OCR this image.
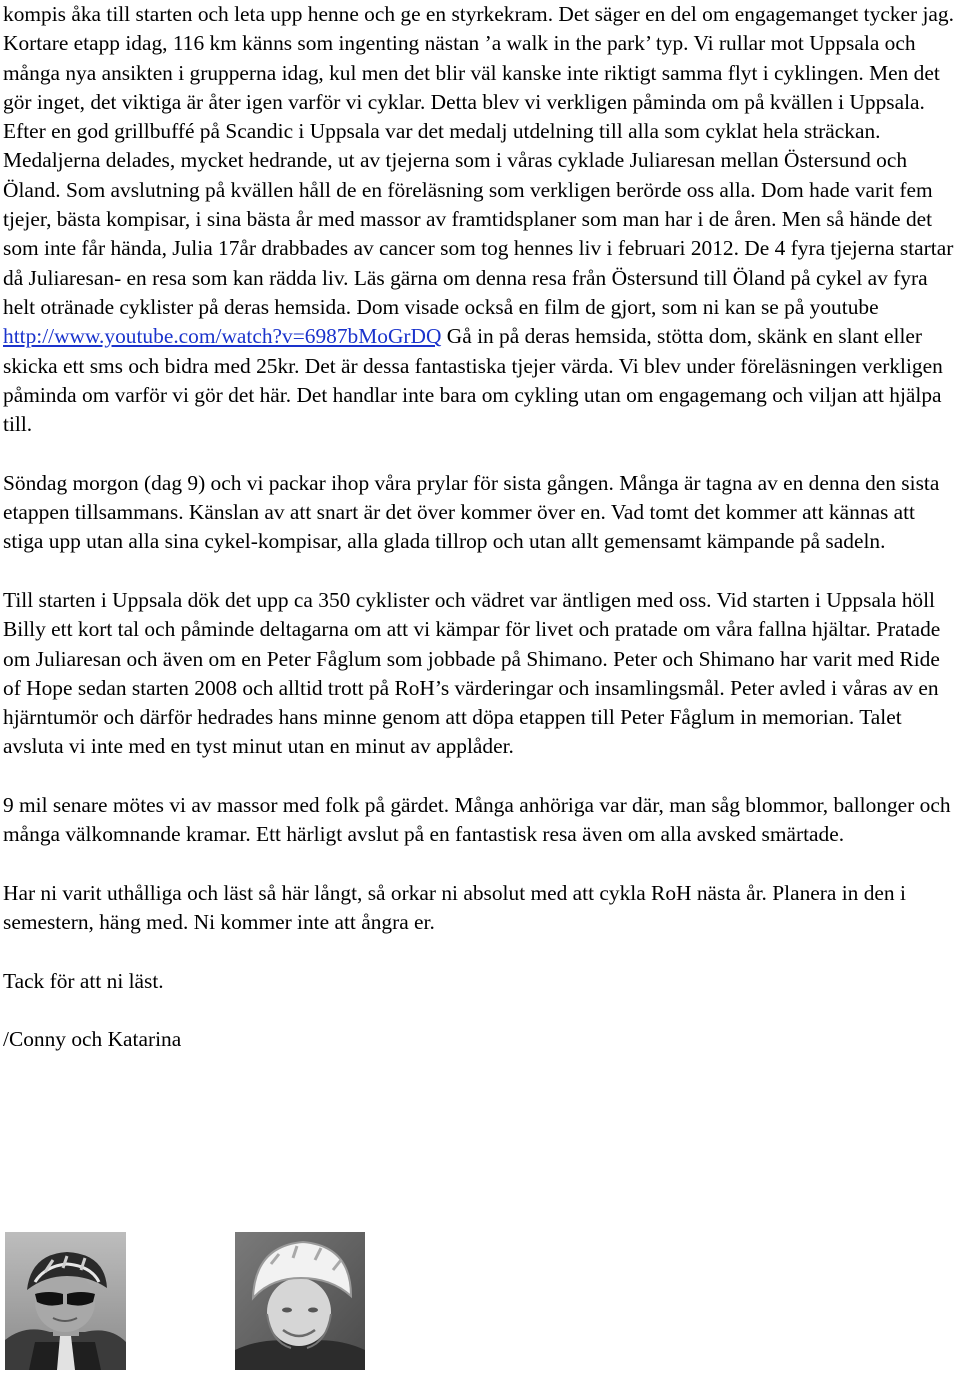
kompis åka till starten och leta upp henne och ge en styrkekram. Det säger en del om engagemanget tycker jag. Kortare etapp idag, 116 km känns som ingenting nästan ’a walk in the park’ typ. Vi rullar mot Uppsala och många nya ansikten i grupperna idag, kul men det blir väl kanske inte riktigt samma flyt i cyklingen. Men det gör inget, det viktiga är åter igen varför vi cyklar. Detta blev vi verkligen påminda om på kvällen i Uppsala. Efter en god grillbuffé på Scandic i Uppsala var det medalj utdelning till alla som cyklat hela sträckan. Medaljerna delades, mycket hedrande, ut av tjejerna som i våras cyklade Juliaresan mellan Östersund och Öland. Som avslutning på kvällen håll de en föreläsning som verkligen berörde oss alla. Dom hade varit fem tjejer, bästa kompisar, i sina bästa år med massor av framtidsplaner som man har i de åren. Men så hände det som inte får hända, Julia 17år drabbades av cancer som tog hennes liv i februari 2012. De 4 fyra tjejerna startar då Juliaresan- en resa som kan rädda liv. Läs gärna om denna resa från Östersund till Öland på cykel av fyra helt otränade cyklister på deras hemsida. Dom visade också en film de gjort, som ni kan se på youtube http://www.youtube.com/watch?v=6987bMoGrDQ Gå in på deras hemsida, stötta dom, skänk en slant eller skicka ett sms och bidra med 25kr. Det är dessa fantastiska tjejer värda. Vi blev under föreläsningen verkligen påminda om varför vi gör det här. Det handlar inte bara om cykling utan om engagemang och viljan att hjälpa till.

Söndag morgon (dag 9) och vi packar ihop våra prylar för sista gången. Många är tagna av en denna den sista etappen tillsammans. Känslan av att snart är det över kommer över en. Vad tomt det kommer att kännas att stiga upp utan alla sina cykel-kompisar, alla glada tillrop och utan allt gemensamt kämpande på sadeln.

Till starten i Uppsala dök det upp ca 350 cyklister och vädret var äntligen med oss. Vid starten i Uppsala höll Billy ett kort tal och påminde deltagarna om att vi kämpar för livet och pratade om våra fallna hjältar. Pratade om Juliaresan och även om en Peter Fåglum som jobbade på Shimano. Peter och Shimano har varit med Ride of Hope sedan starten 2008 och alltid trott på RoH’s värderingar och insamlingsmål. Peter avled i våras av en hjärntumör och därför hedrades hans minne genom att döpa etappen till Peter Fåglum in memorian. Talet avsluta vi inte med en tyst minut utan en minut av applåder.

9 mil senare mötes vi av massor med folk på gärdet. Många anhöriga var där, man såg blommor, ballonger och många välkomnande kramar. Ett härligt avslut på en fantastisk resa även om alla avsked smärtade.

Har ni varit uthålliga och läst så här långt, så orkar ni absolut med att cykla RoH nästa år. Planera in den i semestern, häng med. Ni kommer inte att ångra er.

Tack för att ni läst.

/Conny och Katarina
